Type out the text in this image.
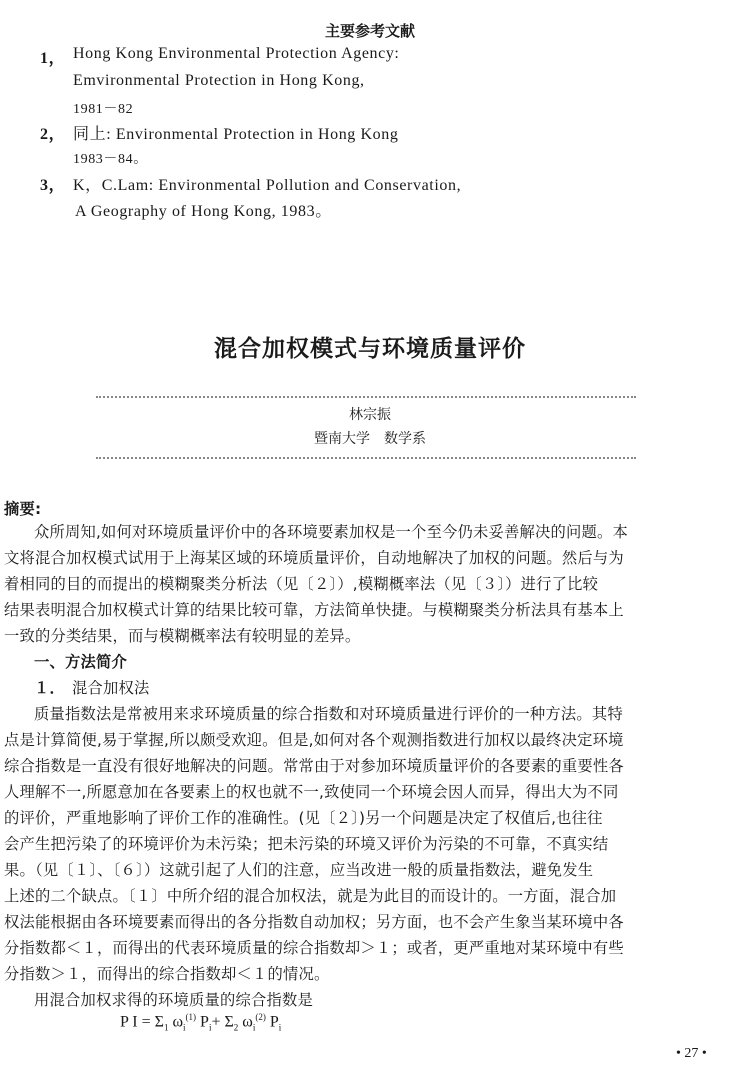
主要参考文献
1， Hong Kong Environmental Protection Agency:
Emvironmental Protection in Hong Kong,
1981－82
2， 同上: Environmental Protection in Hong Kong
1983－84。
3， K，C.Lam: Environmental Pollution and Conservation,
A Geography of Hong Kong, 1983。
混合加权模式与环境质量评价
林宗振
暨南大学　数学系
摘要:
众所周知,如何对环境质量评价中的各环境要素加权是一个至今仍未妥善解决的问题。本
文将混合加权模式试用于上海某区域的环境质量评价，自动地解决了加权的问题。然后与为
着相同的目的而提出的模糊聚类分析法（见〔２〕）,模糊概率法（见〔３〕）进行了比较
结果表明混合加权模式计算的结果比较可靠，方法简单快捷。与模糊聚类分析法具有基本上
一致的分类结果，而与模糊概率法有较明显的差异。
一、方法简介
１． 混合加权法
质量指数法是常被用来求环境质量的综合指数和对环境质量进行评价的一种方法。其特
点是计算简便,易于掌握,所以颇受欢迎。但是,如何对各个观测指数进行加权以最终决定环境
综合指数是一直没有很好地解决的问题。常常由于对参加环境质量评价的各要素的重要性各
人理解不一,所愿意加在各要素上的权也就不一,致使同一个环境会因人而异，得出大为不同
的评价，严重地影响了评价工作的准确性。(见〔２〕)另一个问题是决定了权值后,也往往
会产生把污染了的环境评价为未污染；把未污染的环境又评价为污染的不可靠，不真实结
果。（见〔１〕、〔６〕）这就引起了人们的注意，应当改进一般的质量指数法，避免发生
上述的二个缺点。〔１〕中所介绍的混合加权法，就是为此目的而设计的。一方面，混合加
权法能根据由各环境要素而得出的各分指数自动加权；另方面，也不会产生象当某环境中各
分指数都＜１，而得出的代表环境质量的综合指数却＞１；或者，更严重地对某环境中有些
分指数＞１，而得出的综合指数却＜１的情况。
用混合加权求得的环境质量的综合指数是
P $I = \Sigma_1$ $\omega_i^{(1)}$ $P_i+ \Sigma_2$ $\omega_i^{(2)}$ $P_i$
• 27 •
